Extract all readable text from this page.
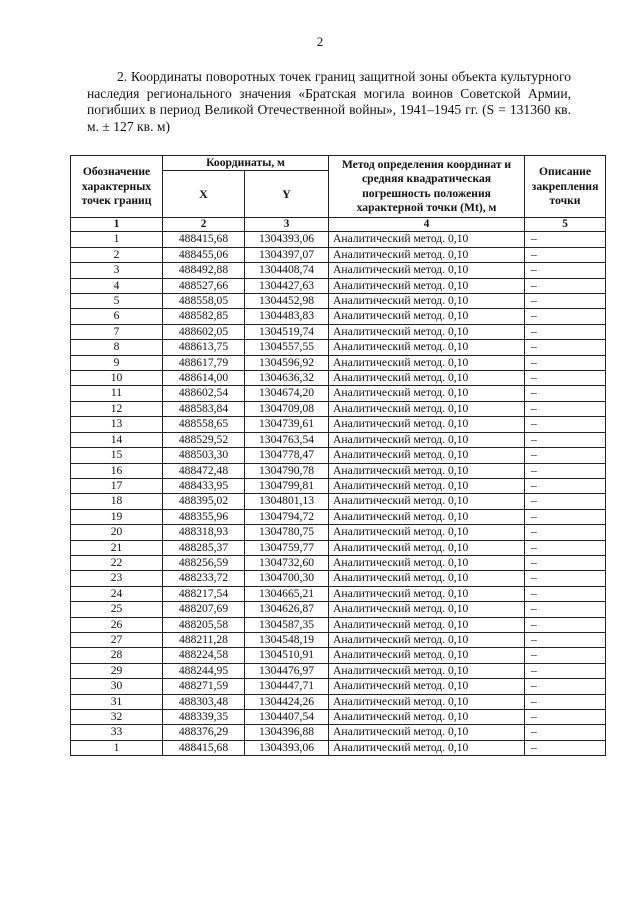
2

2. Координаты поворотных точек границ защитной зоны объекта культурного наследия регионального значения «Братская могила воинов Советской Армии, погибших в период Великой Отечественной войны», 1941–1945 гг. (S = 131360 кв. м. ± 127 кв. м)

Обозначение характерных точек границ	Координаты, м		Метод определения координат и средняя квадратическая погрешность положения характерной точки (Mt), м	Описание закрепления точки
	X	Y		
1	2	3	4	5
1	488415,68	1304393,06	Аналитический метод. 0,10	–
2	488455,06	1304397,07	Аналитический метод. 0,10	–
3	488492,88	1304408,74	Аналитический метод. 0,10	–
4	488527,66	1304427,63	Аналитический метод. 0,10	–
5	488558,05	1304452,98	Аналитический метод. 0,10	–
6	488582,85	1304483,83	Аналитический метод. 0,10	–
7	488602,05	1304519,74	Аналитический метод. 0,10	–
8	488613,75	1304557,55	Аналитический метод. 0,10	–
9	488617,79	1304596,92	Аналитический метод. 0,10	–
10	488614,00	1304636,32	Аналитический метод. 0,10	–
11	488602,54	1304674,20	Аналитический метод. 0,10	–
12	488583,84	1304709,08	Аналитический метод. 0,10	–
13	488558,65	1304739,61	Аналитический метод. 0,10	–
14	488529,52	1304763,54	Аналитический метод. 0,10	–
15	488503,30	1304778,47	Аналитический метод. 0,10	–
16	488472,48	1304790,78	Аналитический метод. 0,10	–
17	488433,95	1304799,81	Аналитический метод. 0,10	–
18	488395,02	1304801,13	Аналитический метод. 0,10	–
19	488355,96	1304794,72	Аналитический метод. 0,10	–
20	488318,93	1304780,75	Аналитический метод. 0,10	–
21	488285,37	1304759,77	Аналитический метод. 0,10	–
22	488256,59	1304732,60	Аналитический метод. 0,10	–
23	488233,72	1304700,30	Аналитический метод. 0,10	–
24	488217,54	1304665,21	Аналитический метод. 0,10	–
25	488207,69	1304626,87	Аналитический метод. 0,10	–
26	488205,58	1304587,35	Аналитический метод. 0,10	–
27	488211,28	1304548,19	Аналитический метод. 0,10	–
28	488224,58	1304510,91	Аналитический метод. 0,10	–
29	488244,95	1304476,97	Аналитический метод. 0,10	–
30	488271,59	1304447,71	Аналитический метод. 0,10	–
31	488303,48	1304424,26	Аналитический метод. 0,10	–
32	488339,35	1304407,54	Аналитический метод. 0,10	–
33	488376,29	1304396,88	Аналитический метод. 0,10	–
1	488415,68	1304393,06	Аналитический метод. 0,10	–
